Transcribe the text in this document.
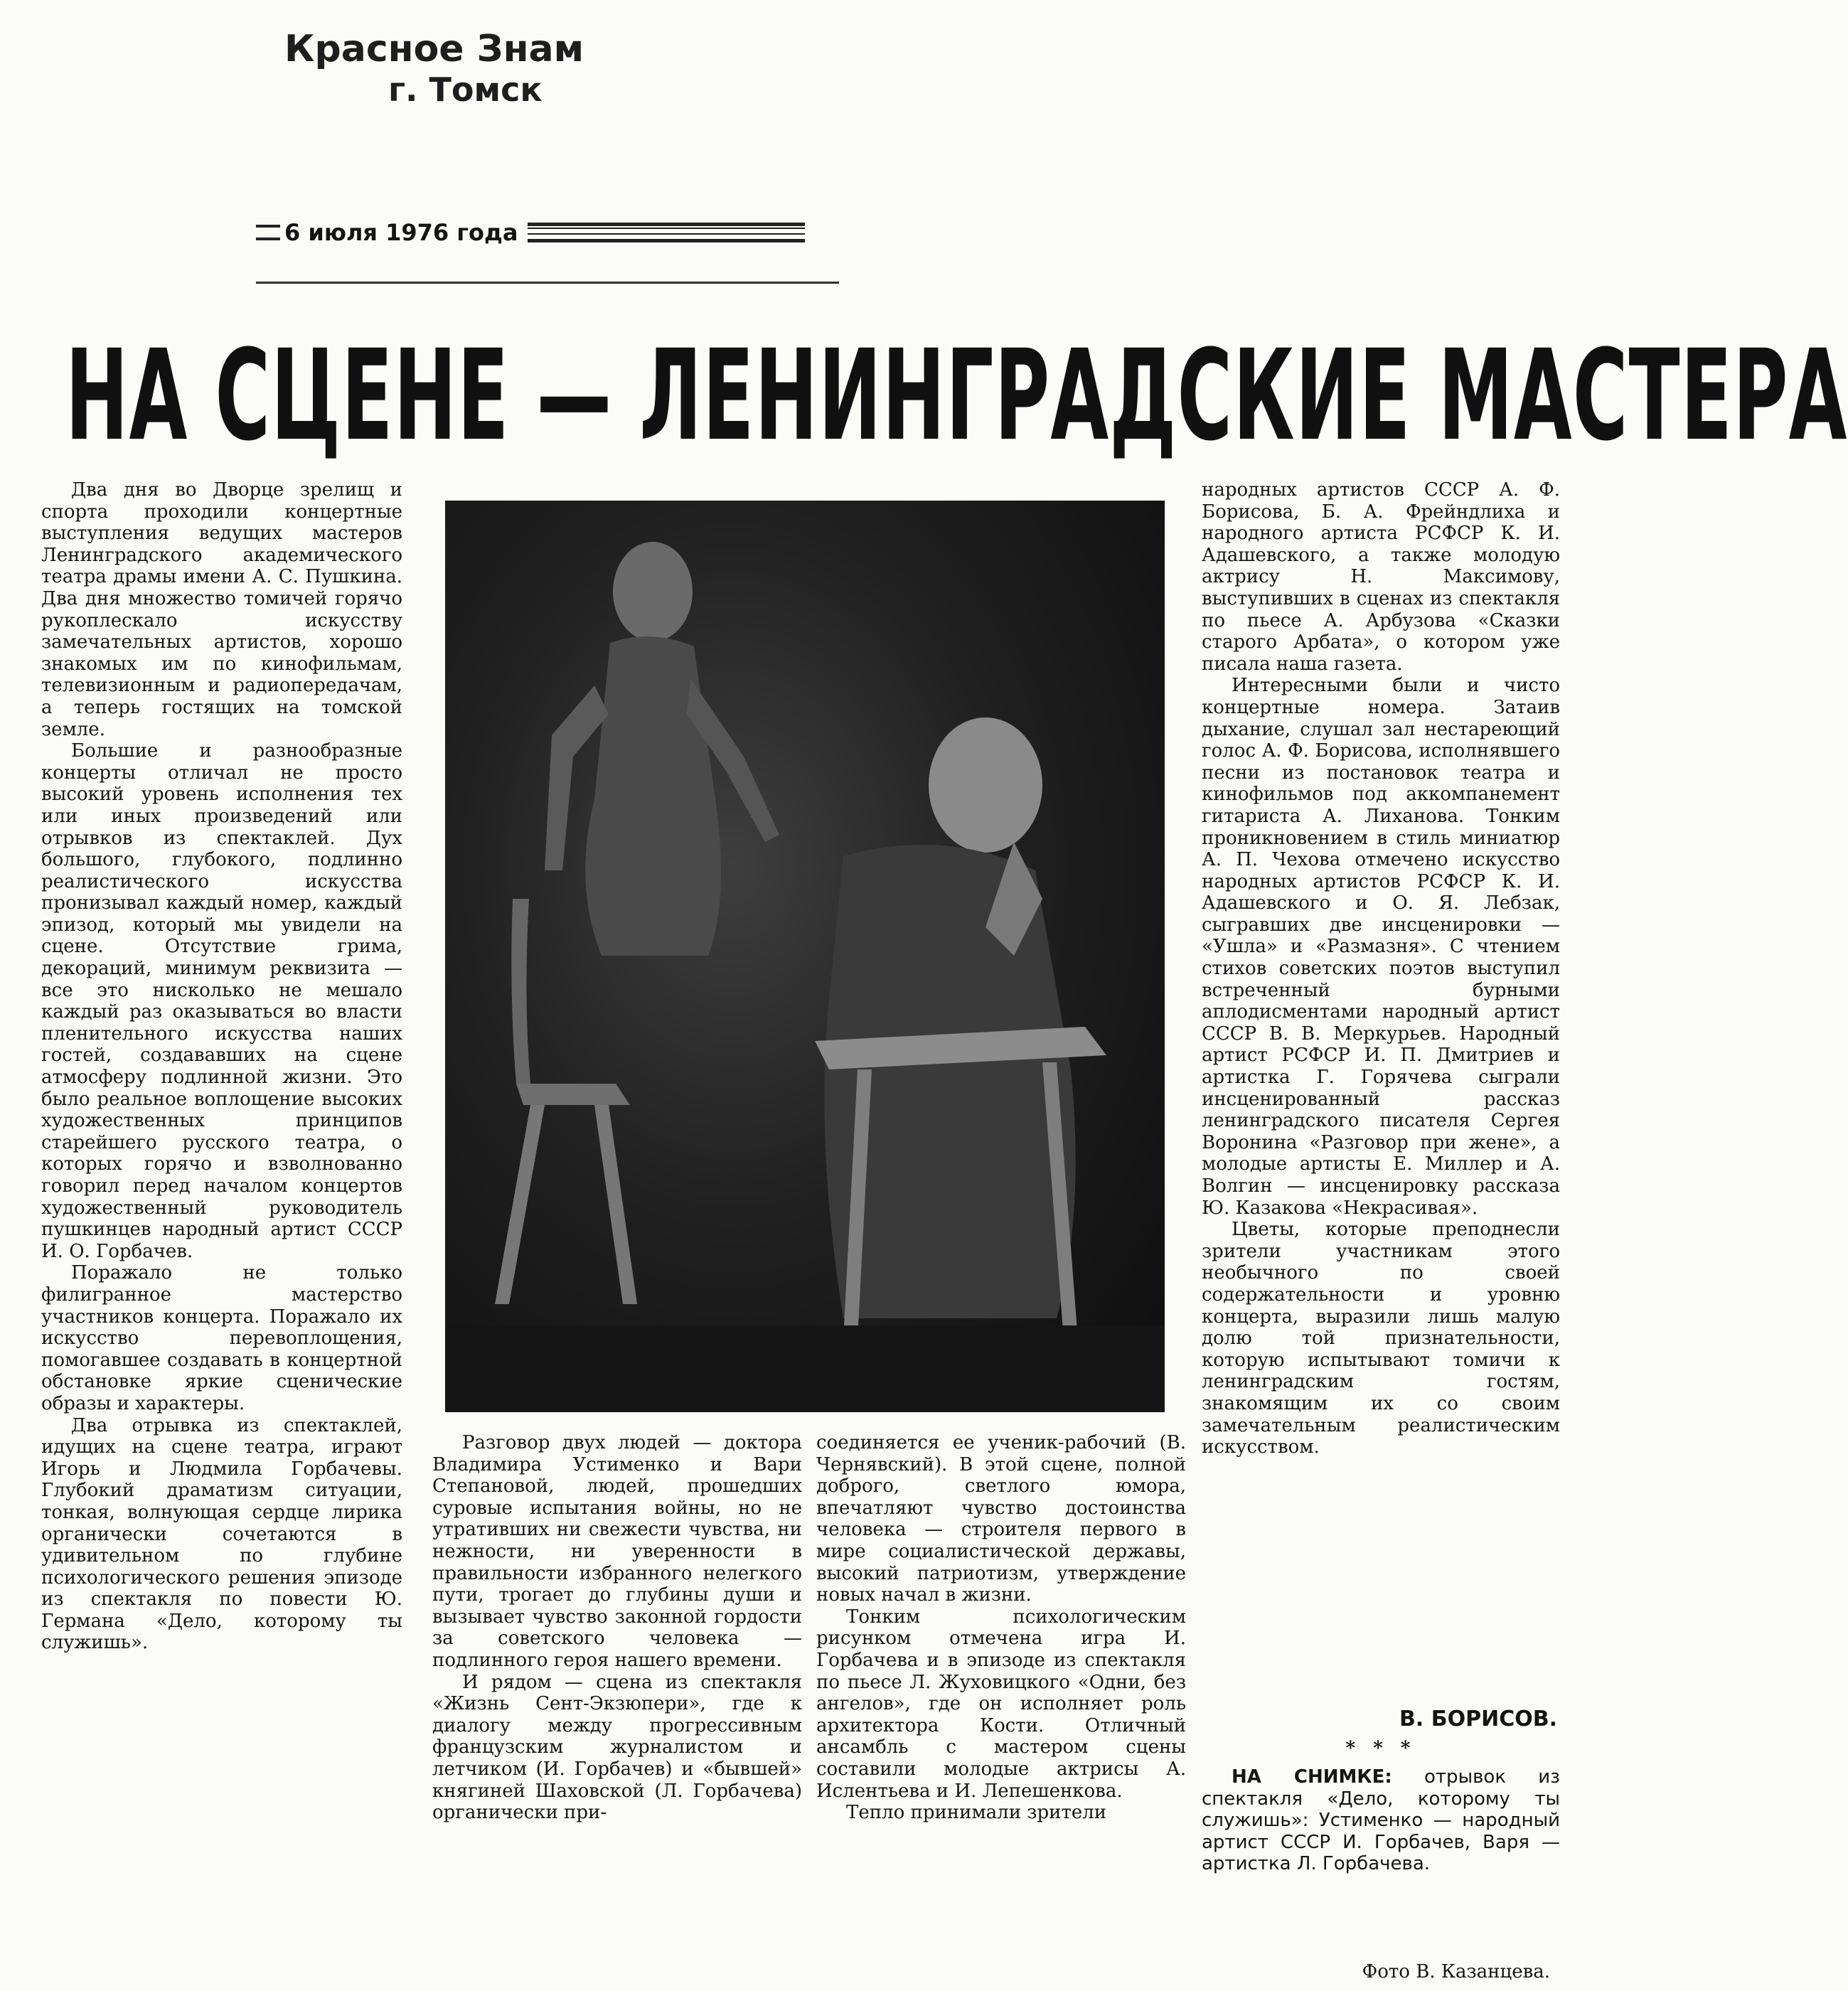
Красное Знам
г. Томск
6 июля 1976 года
НА СЦЕНЕ — ЛЕНИНГРАДСКИЕ МАСТЕРА

Два дня во Дворце зрелищ и спорта проходили концертные выступления ведущих мастеров Ленинградского академического театра драмы имени А. С. Пушкина. Два дня множество томичей горячо рукоплескало искусству замечательных артистов, хорошо знакомых им по кинофильмам, телевизионным и радиопередачам, а теперь гостящих на томской земле.

Большие и разнообразные концерты отличал не просто высокий уровень исполнения тех или иных произведений или отрывков из спектаклей. Дух большого, глубокого, подлинно реалистического искусства пронизывал каждый номер, каждый эпизод, который мы увидели на сцене. Отсутствие грима, декораций, минимум реквизита — все это нисколько не мешало каждый раз оказываться во власти пленительного искусства наших гостей, создававших на сцене атмосферу подлинной жизни. Это было реальное воплощение высоких художественных принципов старейшего русского театра, о которых горячо и взволнованно говорил перед началом концертов художественный руководитель пушкинцев народный артист СССР И. О. Горбачев.

Поражало не только филигранное мастерство участников концерта. Поражало их искусство перевоплощения, помогавшее создавать в концертной обстановке яркие сценические образы и характеры.

Два отрывка из спектаклей, идущих на сцене театра, играют Игорь и Людмила Горбачевы. Глубокий драматизм ситуации, тонкая, волнующая сердце лирика органически сочетаются в удивительном по глубине психологического решения эпизоде из спектакля по повести Ю. Германа «Дело, которому ты служишь».

Разговор двух людей — доктора Владимира Устименко и Вари Степановой, людей, прошедших суровые испытания войны, но не утративших ни свежести чувства, ни нежности, ни уверенности в правильности избранного нелегкого пути, трогает до глубины души и вызывает чувство законной гордости за советского человека — подлинного героя нашего времени.

И рядом — сцена из спектакля «Жизнь Сент-Экзюпери», где к диалогу между прогрессивным французским журналистом и летчиком (И. Горбачев) и «бывшей» княгиней Шаховской (Л. Горбачева) органически при-

соединяется ее ученик-рабочий (В. Чернявский). В этой сцене, полной доброго, светлого юмора, впечатляют чувство достоинства человека — строителя первого в мире социалистической державы, высокий патриотизм, утверждение новых начал в жизни.

Тонким психологическим рисунком отмечена игра И. Горбачева и в эпизоде из спектакля по пьесе Л. Жуховицкого «Одни, без ангелов», где он исполняет роль архитектора Кости. Отличный ансамбль с мастером сцены составили молодые актрисы А. Ислентьева и И. Лепешенкова.

Тепло принимали зрители

народных артистов СССР А. Ф. Борисова, Б. А. Фрейндлиха и народного артиста РСФСР К. И. Адашевского, а также молодую актрису Н. Максимову, выступивших в сценах из спектакля по пьесе А. Арбузова «Сказки старого Арбата», о котором уже писала наша газета.

Интересными были и чисто концертные номера. Затаив дыхание, слушал зал нестареющий голос А. Ф. Борисова, исполнявшего песни из постановок театра и кинофильмов под аккомпанемент гитариста А. Лиханова. Тонким проникновением в стиль миниатюр А. П. Чехова отмечено искусство народных артистов РСФСР К. И. Адашевского и О. Я. Лебзак, сыгравших две инсценировки — «Ушла» и «Размазня». С чтением стихов советских поэтов выступил встреченный бурными аплодисментами народный артист СССР В. В. Меркурьев. Народный артист РСФСР И. П. Дмитриев и артистка Г. Горячева сыграли инсценированный рассказ ленинградского писателя Сергея Воронина «Разговор при жене», а молодые артисты Е. Миллер и А. Волгин — инсценировку рассказа Ю. Казакова «Некрасивая».

Цветы, которые преподнесли зрители участникам этого необычного по своей содержательности и уровню концерта, выразили лишь малую долю той признательности, которую испытывают томичи к ленинградским гостям, знакомящим их со своим замечательным реалистическим искусством.

В. БОРИСОВ.
* * *

НА СНИМКЕ: отрывок из спектакля «Дело, которому ты служишь»: Устименко — народный артист СССР И. Горбачев, Варя — артистка Л. Горбачева.

Фото В. Казанцева.
